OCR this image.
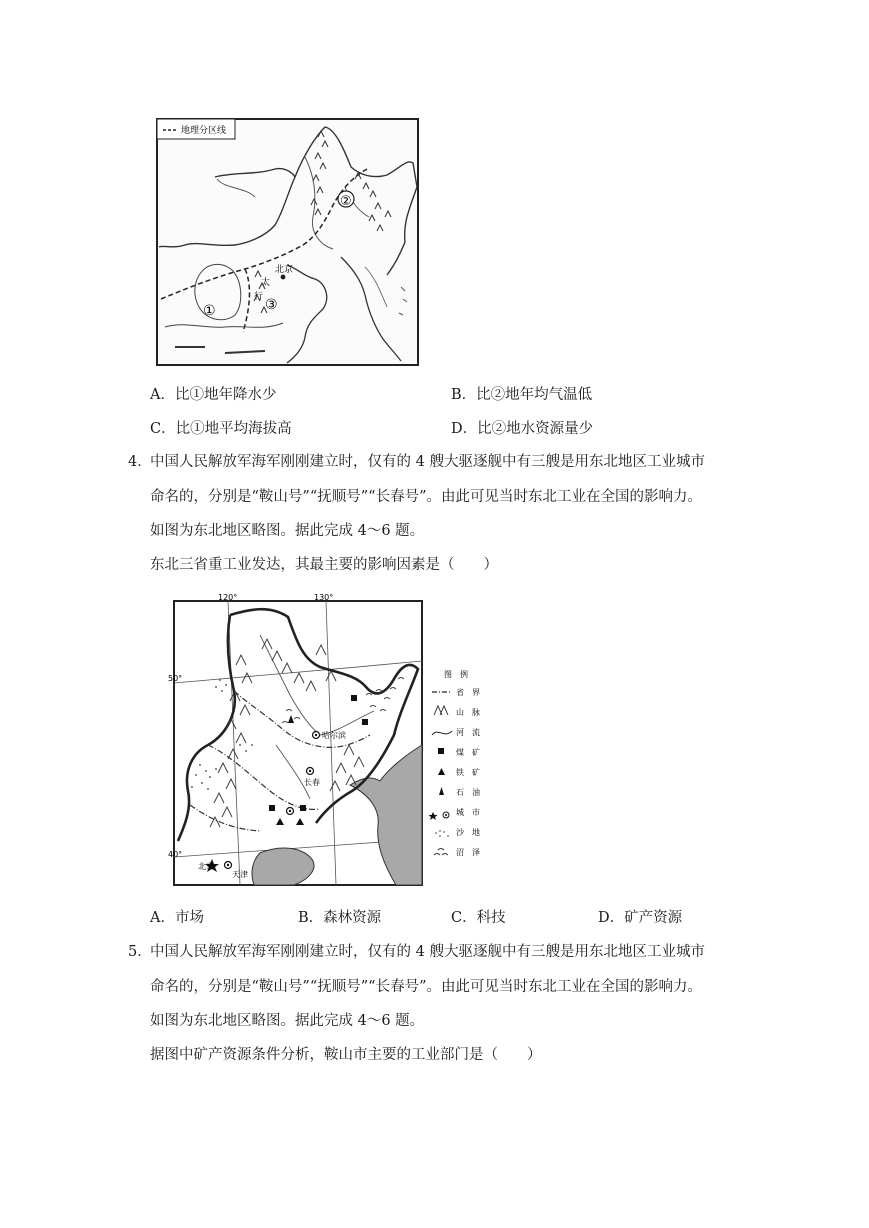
地理分区线
②
①	③
北京
太
行
A．比①地年降水少	B．比②地年均气温低
C．比①地平均海拔高	D．比②地水资源量少
4．
中国人民解放军海军刚刚建立时，仅有的 4 艘大驱逐舰中有三艘是用东北地区工业城市
命名的，分别是“鞍山号”“抚顺号”“长春号”。由此可见当时东北工业在全国的影响力。
如图为东北地区略图。据此完成 4～6 题。
东北三省重工业发达，其最主要的影响因素是（　　）
120°	130°
50°
40°
哈尔滨
长春
北京
天津
图　例
省　界
山　脉
河　流
煤　矿
铁　矿
石　油
城　市
沙　地
沼　泽
A．市场	B．森林资源	C．科技	D．矿产资源
5．
中国人民解放军海军刚刚建立时，仅有的 4 艘大驱逐舰中有三艘是用东北地区工业城市
命名的，分别是“鞍山号”“抚顺号”“长春号”。由此可见当时东北工业在全国的影响力。
如图为东北地区略图。据此完成 4～6 题。
据图中矿产资源条件分析，鞍山市主要的工业部门是（　　）
